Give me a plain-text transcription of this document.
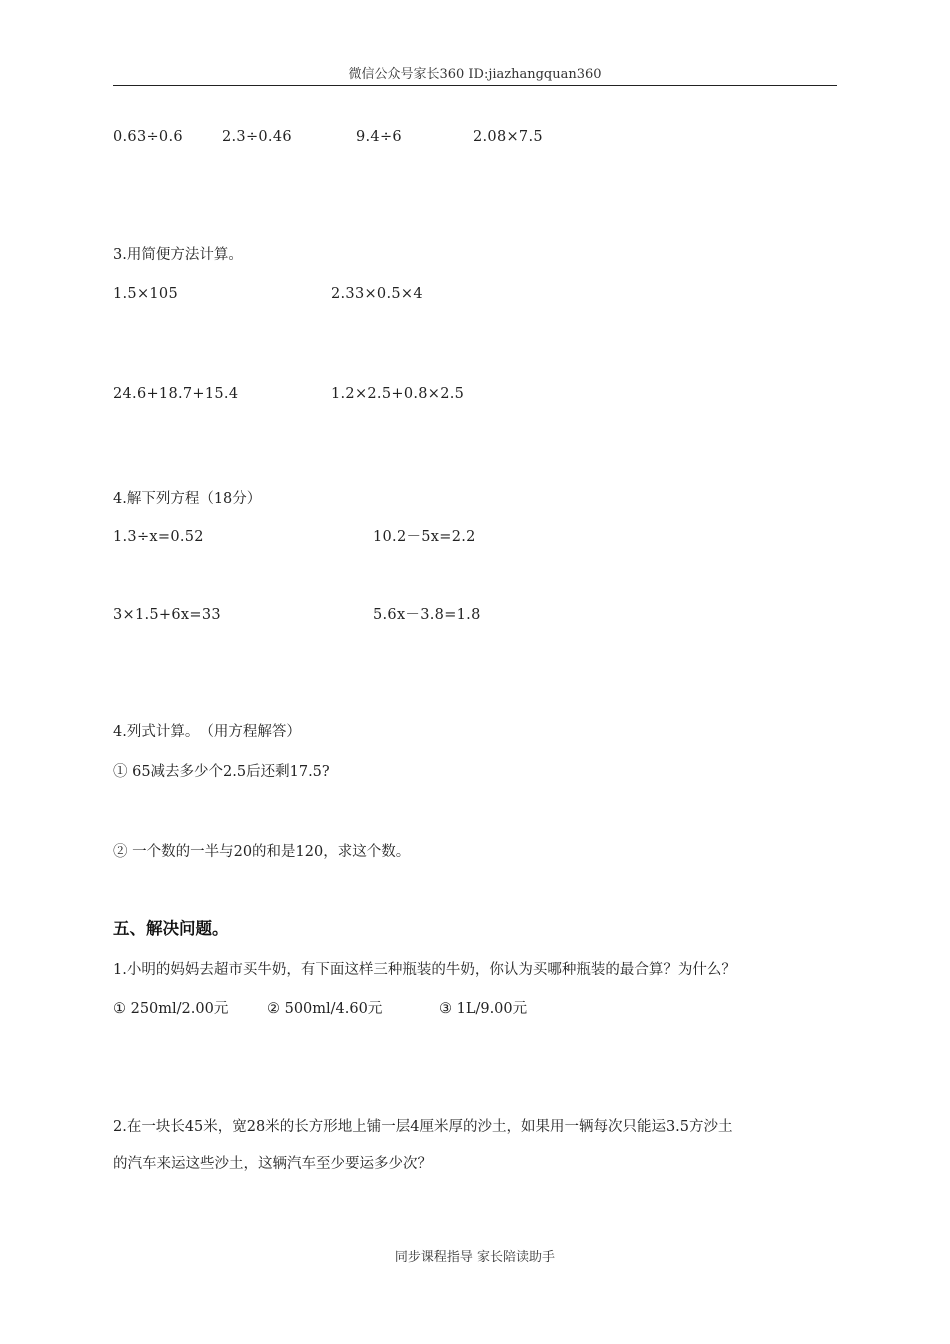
微信公众号家长360 ID:jiazhangquan360
0.63÷0.6	2.3÷0.46	9.4÷6	2.08×7.5
3.用简便方法计算。
1.5×105	2.33×0.5×4
24.6+18.7+15.4	1.2×2.5+0.8×2.5
4.解下列方程（18分）
1.3÷x=0.52	10.2－5x=2.2
3×1.5+6x=33	5.6x－3.8=1.8
4.列式计算。　（用方程解答）
① 65减去多少个2.5后还剩17.5?
② 一个数的一半与20的和是120，求这个数。
五、解决问题。
1.小明的妈妈去超市买牛奶，有下面这样三种瓶装的牛奶，你认为买哪种瓶装的最合算？为什么？
① 250ml/2.00元	② 500ml/4.60元	③ 1L/9.00元
2.在一块长45米，宽28米的长方形地上铺一层4厘米厚的沙土，如果用一辆每次只能运3.5方沙土
的汽车来运这些沙土，这辆汽车至少要运多少次？
同步课程指导 家长陪读助手
